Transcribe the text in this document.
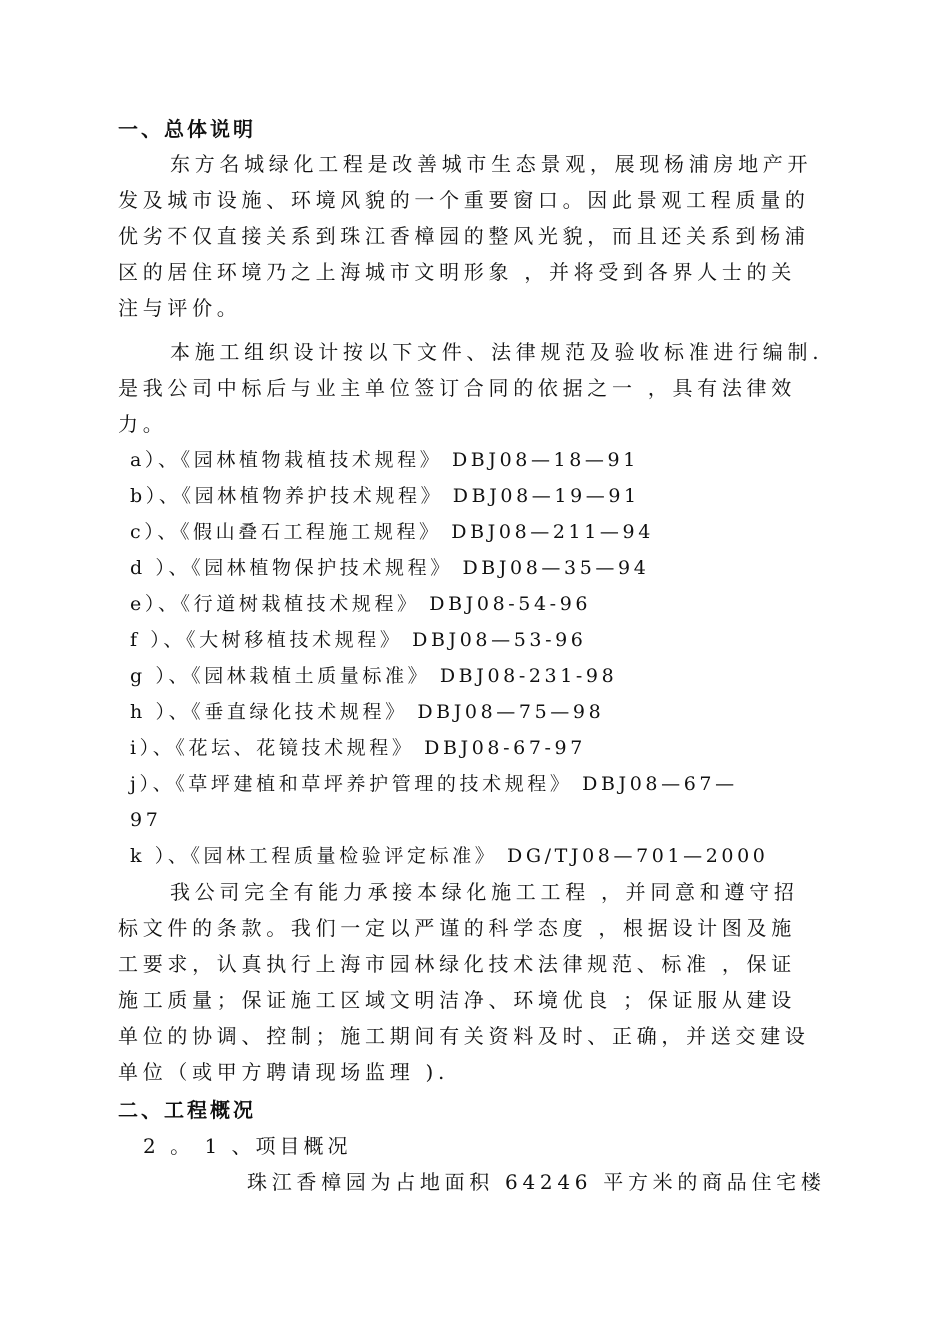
一、总体说明
东方名城绿化工程是改善城市生态景观，展现杨浦房地产开
发及城市设施、环境风貌的一个重要窗口。因此景观工程质量的
优劣不仅直接关系到珠江香樟园的整风光貌，而且还关系到杨浦
区的居住环境乃之上海城市文明形象 ，并将受到各界人士的关
注与评价。
本施工组织设计按以下文件、法律规范及验收标准进行编制.
是我公司中标后与业主单位签订合同的依据之一 ，具有法律效
力。
a）、《园林植物栽植技术规程》 DBJ08—18—91
b）、《园林植物养护技术规程》 DBJ08—19—91
c）、《假山叠石工程施工规程》 DBJ08—211—94
d ）、《园林植物保护技术规程》 DBJ08—35—94
e）、《行道树栽植技术规程》 DBJ08-54-96
f ）、《大树移植技术规程》 DBJ08—53-96
g ）、《园林栽植土质量标准》 DBJ08-231-98
h ）、《垂直绿化技术规程》 DBJ08—75—98
i）、《花坛、花镜技术规程》 DBJ08-67-97
j）、《草坪建植和草坪养护管理的技术规程》 DBJ08—67—
97
k ）、《园林工程质量检验评定标准》 DG/TJ08—701—2000
我公司完全有能力承接本绿化施工工程 ，并同意和遵守招
标文件的条款。我们一定以严谨的科学态度 ，根据设计图及施
工要求，认真执行上海市园林绿化技术法律规范、标准 ，保证
施工质量；保证施工区域文明洁净、环境优良 ；保证服从建设
单位的协调、控制；施工期间有关资料及时、正确，并送交建设
单位（或甲方聘请现场监理 ).
二、工程概况
2 。 1 、项目概况
珠江香樟园为占地面积 64246 平方米的商品住宅楼
